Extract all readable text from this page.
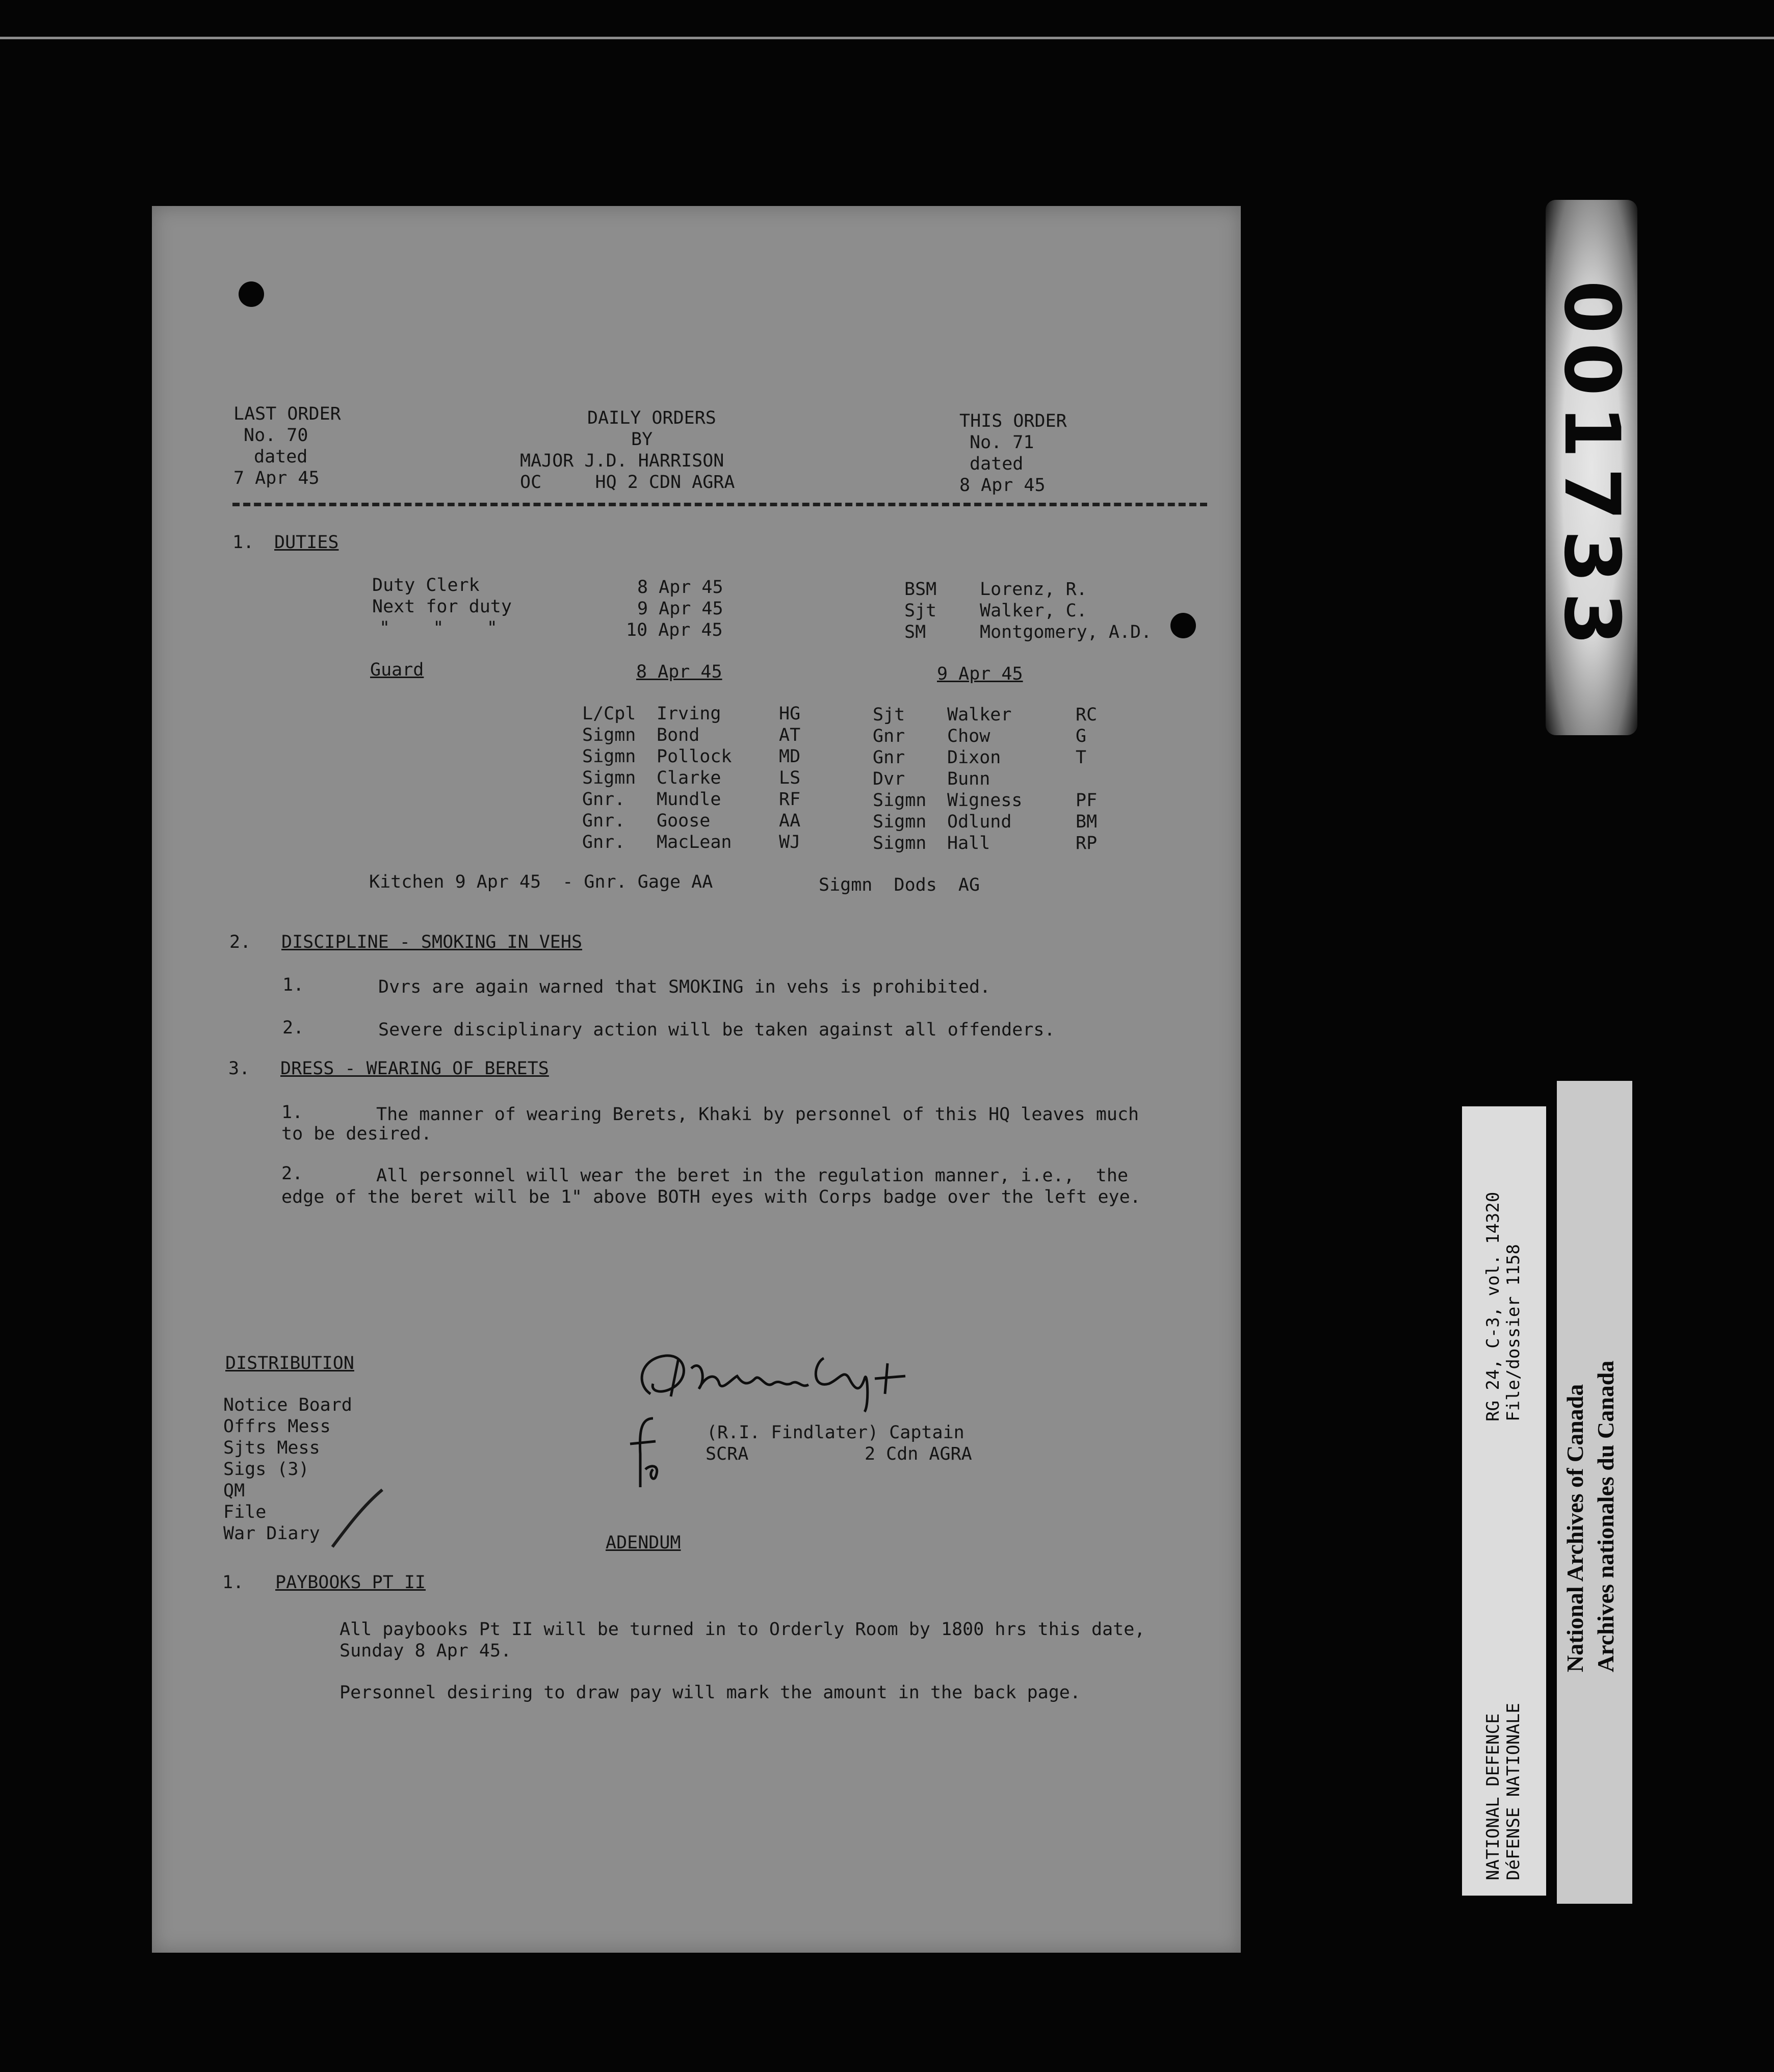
LAST ORDER
No. 70
dated
7 Apr 45
DAILY ORDERS
BY
MAJOR J.D. HARRISON
OC     HQ 2 CDN AGRA
THIS ORDER
No. 71
dated
8 Apr 45
1. DUTIES
Duty Clerk	8 Apr 45	BSM Lorenz, R.
Next for duty	9 Apr 45	Sjt Walker, C.
"    "    "	10 Apr 45	SM	Montgomery, A.D.
Guard	8 Apr 45	9 Apr 45
L/Cpl Irving	HG	Sjt Walker	RC
Sigmn Bond	AT	Gnr Chow	G
Sigmn Pollock	MD	Gnr Dixon	T
Sigmn Clarke	LS	Dvr Bunn
Gnr. Mundle	RF	Sigmn Wigness	PF
Gnr. Goose	AA	Sigmn Odlund	BM
Gnr. MacLean	WJ	Sigmn Hall	RP
Kitchen 9 Apr 45  - Gnr. Gage AA	Sigmn  Dods  AG
2. DISCIPLINE - SMOKING IN VEHS
1.	Dvrs are again warned that SMOKING in vehs is prohibited.
2.	Severe disciplinary action will be taken against all offenders.
3. DRESS - WEARING OF BERETS
1.	The manner of wearing Berets, Khaki by personnel of this HQ leaves much
to be desired.
2.	All personnel will wear the beret in the regulation manner, i.e.,  the
edge of the beret will be 1" above BOTH eyes with Corps badge over the left eye.
DISTRIBUTION
Notice Board
Offrs Mess
Sjts Mess
Sigs (3)
QM
File
War Diary
(R.I. Findlater) Captain
SCRA	2 Cdn AGRA
ADENDUM
1. PAYBOOKS PT II
All paybooks Pt II will be turned in to Orderly Room by 1800 hrs this date,
Sunday 8 Apr 45.
Personnel desiring to draw pay will mark the amount in the back page.
001733
RG 24, C-3, vol. 14320 File/dossier 1158
NATIONAL DEFENCE DéFENSE NATIONALE
National Archives of Canada Archives nationales du Canada
